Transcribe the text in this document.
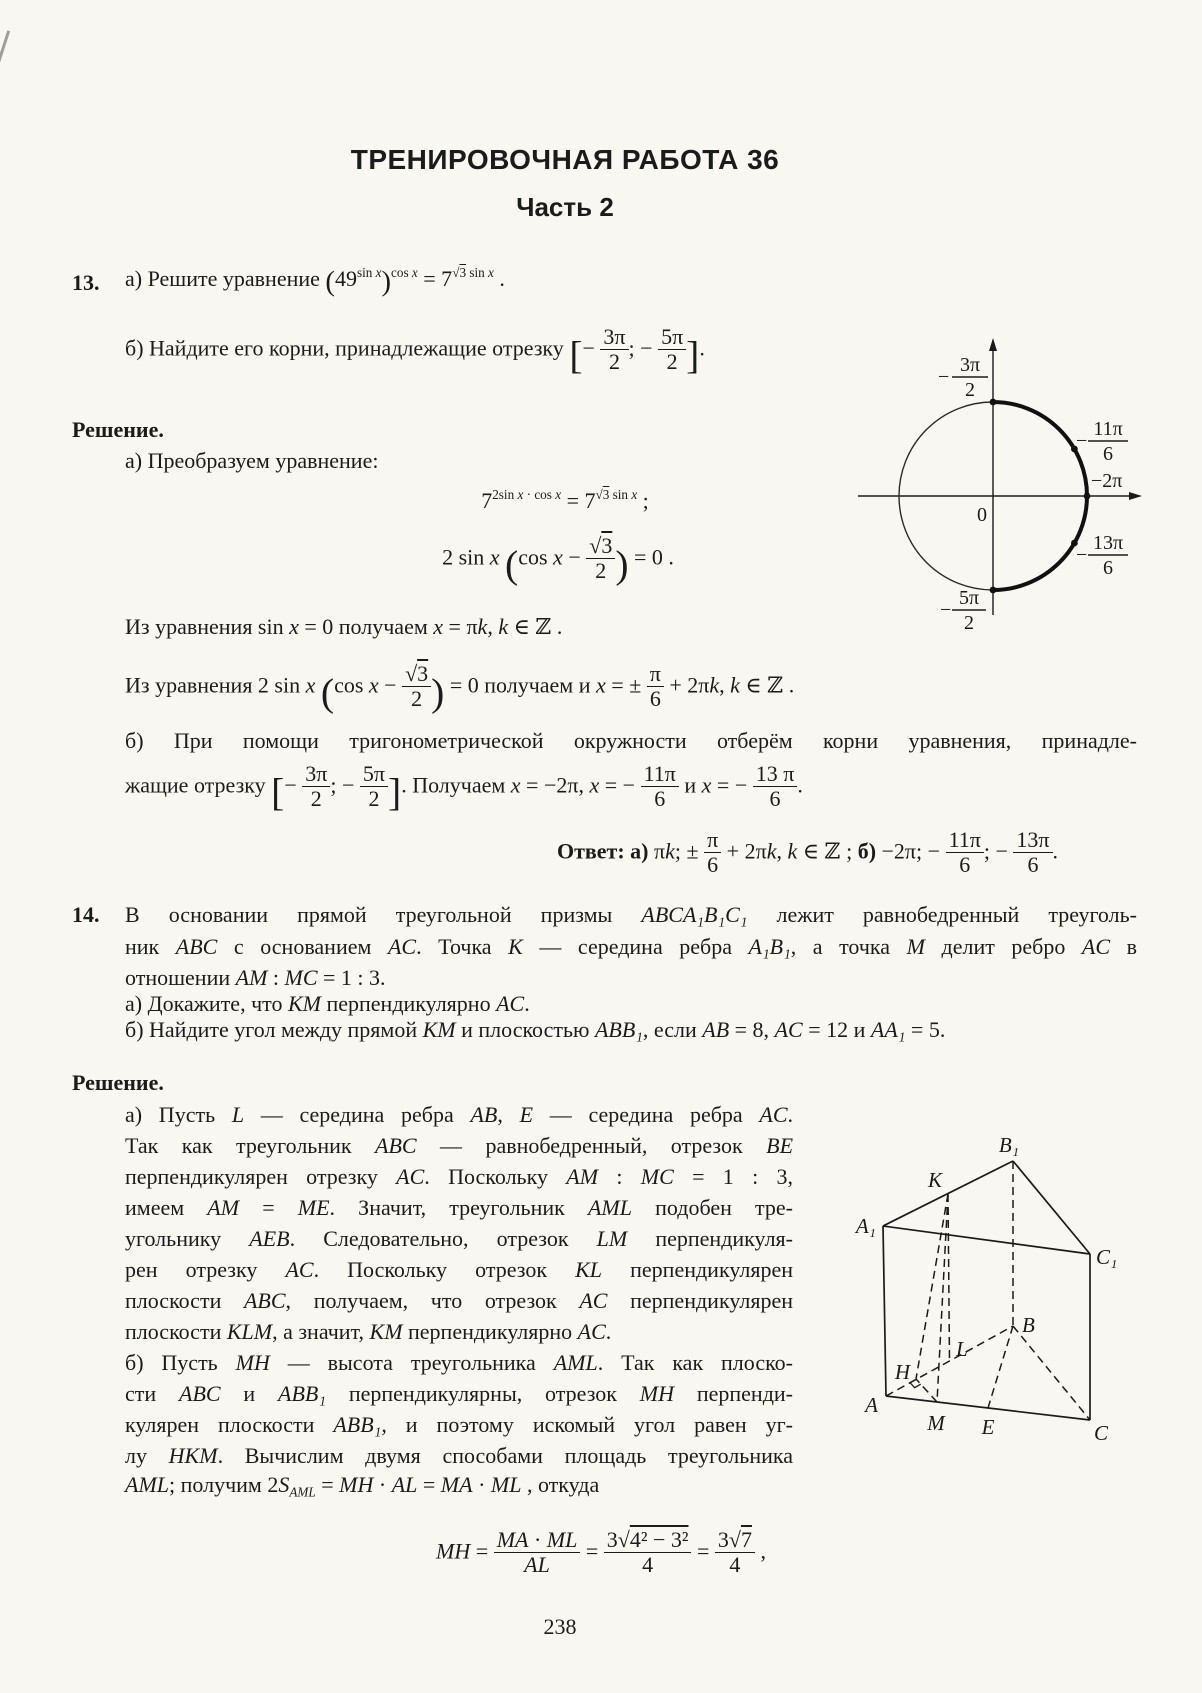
ТРЕНИРОВОЧНАЯ РАБОТА 36
Часть 2
13. а) Решите уравнение $(49^{sin x})^{cos x} = 7^{√3 sin x}$ .
б) Найдите его корни, принадлежащие отрезку [− $\frac{3\pi}{2}$ ; − $\frac{5\pi}{2}$ ].
Решение.
а) Преобразуем уравнение:
$7^{2sin x \cdot cos x} = 7^{√3 sin x}$ ;
2 sin x (cos $x - \frac{√3}{2}$ ) = 0 .
Из уравнения sin x = 0 получаем x = πk, k ∈ ℤ .
Из уравнения 2 sin x (cos $x - \frac{√3}{2}$ ) = 0 получаем и x = ± $\frac{\pi}{6} + 2\pi k$, k ∈ ℤ .
б) При помощи тригонометрической окружности отберём корни уравнения, принадле-
жащие отрезку [− $\frac{3\pi}{2}$ ; − $\frac{5\pi}{2}$ ]. Получаем x = −2π, x = − $\frac{11\pi}{6}$ и x = − $\frac{13 \pi}{6}$ .
Ответ: а) πk; ± $\frac{\pi}{6} + 2\pi k$, k ∈ ℤ ; б) −2π; − $\frac{11\pi}{6}$ ; − $\frac{13\pi}{6}$ .
−
3π
2
−
11π
6
−2π
−
13π
6
−
5π
2
0
14. В основании прямой треугольной призмы ABCA₁B₁C₁ лежит равнобедренный треуголь-
ник ABC с основанием AC. Точка K — середина ребра A₁B₁, а точка M делит ребро AC в
отношении AM : MC = 1 : 3.
а) Докажите, что KM перпендикулярно AC.
б) Найдите угол между прямой KM и плоскостью ABB₁, если AB = 8, AC = 12 и AA₁ = 5.
Решение.
а) Пусть L — середина ребра AB, E — середина ребра AC.
Так как треугольник ABC — равнобедренный, отрезок BE
перпендикулярен отрезку AC. Поскольку AM : MC = 1 : 3,
имеем AM = ME. Значит, треугольник AML подобен тре-
угольнику AEB. Следовательно, отрезок LM перпендикуля-
рен отрезку AC. Поскольку отрезок KL перпендикулярен
плоскости ABC, получаем, что отрезок AC перпендикулярен
плоскости KLM, а значит, KM перпендикулярно AC.
б) Пусть MH — высота треугольника AML. Так как плоско-
сти ABC и ABB₁ перпендикулярны, отрезок MH перпенди-
кулярен плоскости ABB₁, и поэтому искомый угол равен уг-
лу HKM. Вычислим двумя способами площадь треугольника
AML; получим $2S_{AML}$ = MH · AL = MA · ML , откуда
MH = $\frac{MA \cdot ML}{AL} = \frac{\text{3√4² − 3²}}{4} = \frac{3√7}{4}$ ,
A₁
B₁
C₁
K
A
B
C
L
H
M E
238
